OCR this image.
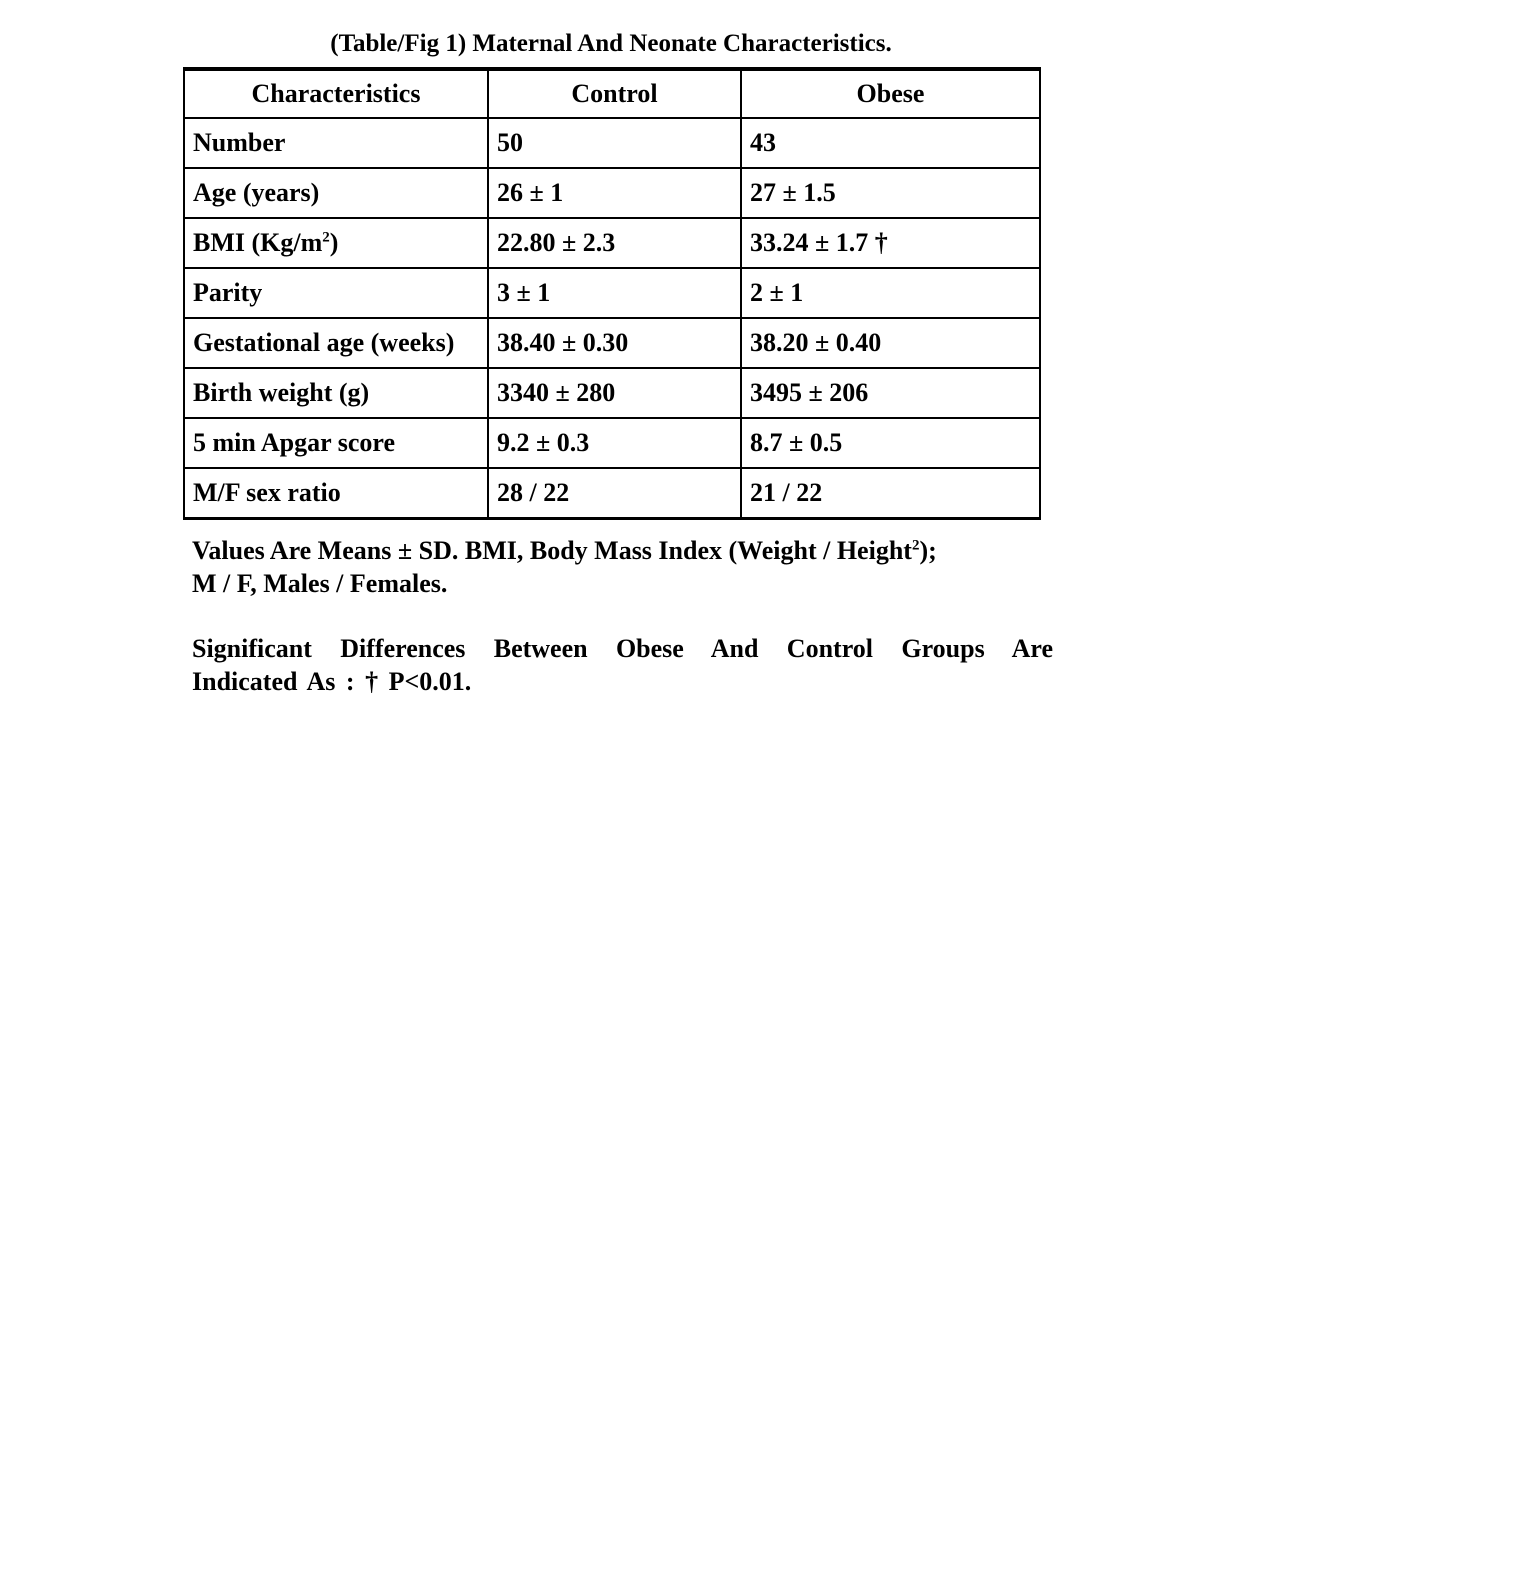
(Table/Fig 1) Maternal And Neonate Characteristics.
Characteristics	Control	Obese
Number	50	43
Age (years)	26 ± 1	27 ± 1.5
BMI $(Kg/m^2)$	22.80 ± 2.3	33.24 ± 1.7 †
Parity	3 ± 1	2 ± 1
Gestational age (weeks)	38.40 ± 0.30	38.20 ± 0.40
Birth weight (g)	3340 ± 280	3495 ± 206
5 min Apgar score	9.2 ± 0.3	8.7 ± 0.5
M/F sex ratio	28 / 22	21 / 22

Values Are Means ± SD. BMI, Body Mass Index (Weight / Height$^2$);

M / F, Males / Females.

Significant Differences Between Obese And Control Groups Are
Indicated As : † P<0.01.
